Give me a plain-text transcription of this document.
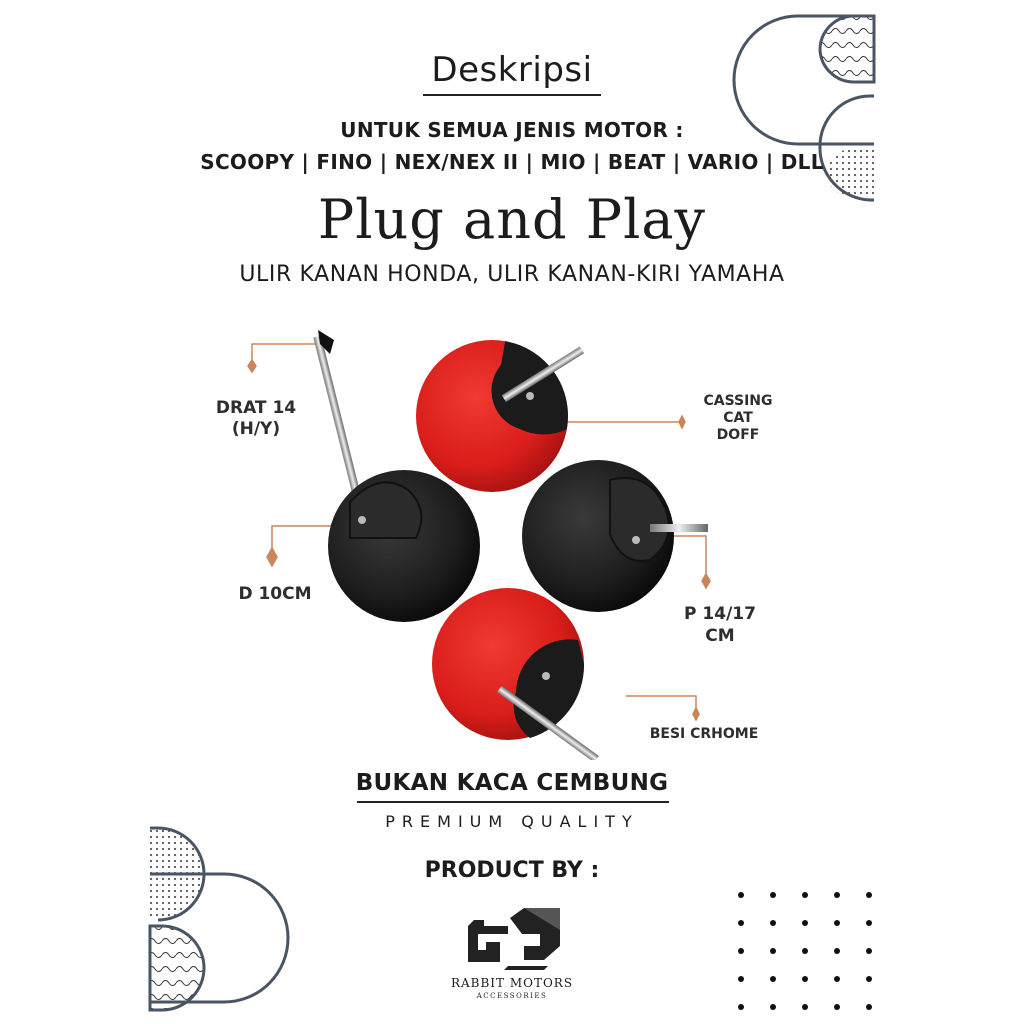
Deskripsi
UNTUK SEMUA JENIS MOTOR :
SCOOPY | FINO | NEX/NEX II | MIO | BEAT | VARIO | DLL
Plug and Play
ULIR KANAN HONDA, ULIR KANAN-KIRI YAMAHA
DRAT 14
(H/Y)
CASSING
CAT
DOFF
D 10CM
P 14/17
CM
BESI CRHOME
BUKAN KACA CEMBUNG
PREMIUM QUALITY
PRODUCT BY :
RABBIT MOTORS
ACCESSORIES
